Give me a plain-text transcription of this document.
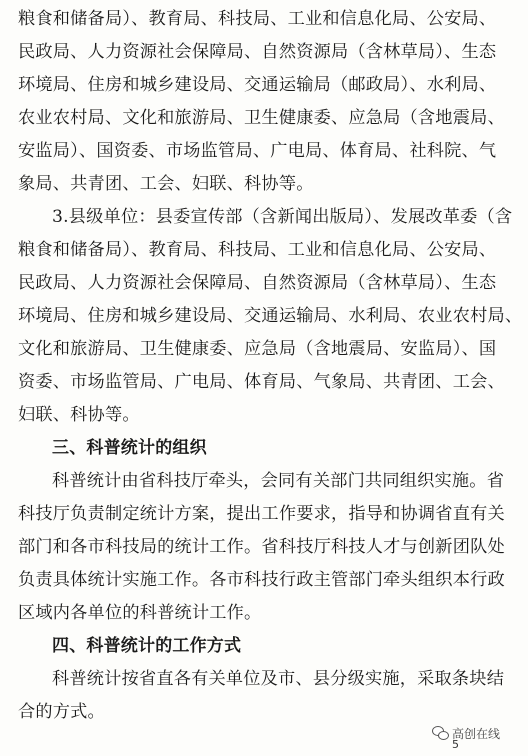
粮食和储备局）、教育局、科技局、工业和信息化局、公安局、
民政局、人力资源社会保障局、自然资源局（含林草局）、生态
环境局、住房和城乡建设局、交通运输局（邮政局）、水利局、
农业农村局、文化和旅游局、卫生健康委、应急局（含地震局、
安监局）、国资委、市场监管局、广电局、体育局、社科院、气
象局、共青团、工会、妇联、科协等。
3.县级单位：县委宣传部（含新闻出版局）、发展改革委（含
粮食和储备局）、教育局、科技局、工业和信息化局、公安局、
民政局、人力资源社会保障局、自然资源局（含林草局）、生态
环境局、住房和城乡建设局、交通运输局、水利局、农业农村局、
文化和旅游局、卫生健康委、应急局（含地震局、安监局）、国
资委、市场监管局、广电局、体育局、气象局、共青团、工会、
妇联、科协等。
三、科普统计的组织
科普统计由省科技厅牵头，会同有关部门共同组织实施。省
科技厅负责制定统计方案，提出工作要求，指导和协调省直有关
部门和各市科技局的统计工作。省科技厅科技人才与创新团队处
负责具体统计实施工作。各市科技行政主管部门牵头组织本行政
区域内各单位的科普统计工作。
四、科普统计的工作方式
科普统计按省直各有关单位及市、县分级实施，采取条块结
合的方式。
高创在线
5
